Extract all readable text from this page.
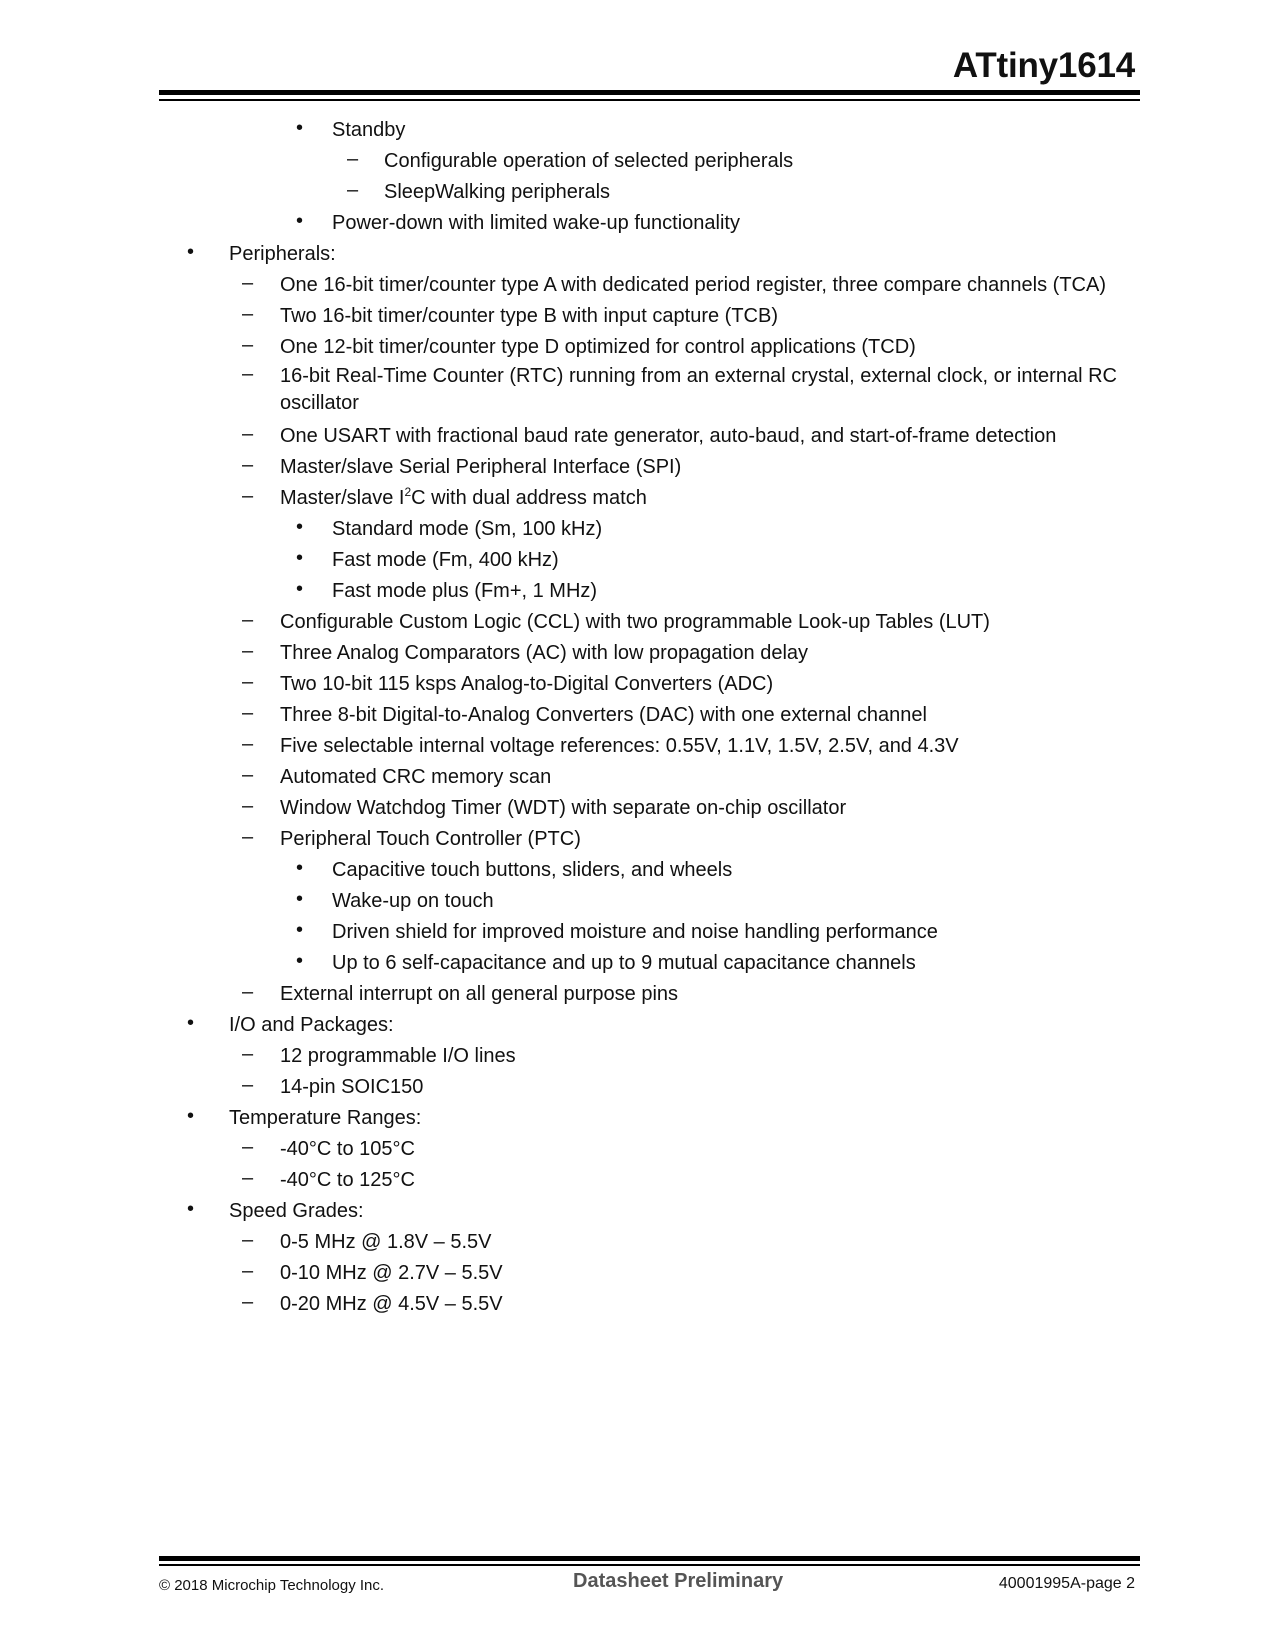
ATtiny1614
• Standby
– Configurable operation of selected peripherals
– SleepWalking peripherals
• Power-down with limited wake-up functionality
• Peripherals:
– One 16-bit timer/counter type A with dedicated period register, three compare channels (TCA)
– Two 16-bit timer/counter type B with input capture (TCB)
– One 12-bit timer/counter type D optimized for control applications (TCD)
– 16-bit Real-Time Counter (RTC) running from an external crystal, external clock, or internal RC oscillator
– One USART with fractional baud rate generator, auto-baud, and start-of-frame detection
– Master/slave Serial Peripheral Interface (SPI)
– Master/slave $I^2C$ with dual address match
• Standard mode (Sm, 100 kHz)
• Fast mode (Fm, 400 kHz)
• Fast mode plus (Fm+, 1 MHz)
– Configurable Custom Logic (CCL) with two programmable Look-up Tables (LUT)
– Three Analog Comparators (AC) with low propagation delay
– Two 10-bit 115 ksps Analog-to-Digital Converters (ADC)
– Three 8-bit Digital-to-Analog Converters (DAC) with one external channel
– Five selectable internal voltage references: 0.55V, 1.1V, 1.5V, 2.5V, and 4.3V
– Automated CRC memory scan
– Window Watchdog Timer (WDT) with separate on-chip oscillator
– Peripheral Touch Controller (PTC)
• Capacitive touch buttons, sliders, and wheels
• Wake-up on touch
• Driven shield for improved moisture and noise handling performance
• Up to 6 self-capacitance and up to 9 mutual capacitance channels
– External interrupt on all general purpose pins
• I/O and Packages:
– 12 programmable I/O lines
– 14-pin SOIC150
• Temperature Ranges:
– -40°C to 105°C
– -40°C to 125°C
• Speed Grades:
– 0-5 MHz @ 1.8V – 5.5V
– 0-10 MHz @ 2.7V – 5.5V
– 0-20 MHz @ 4.5V – 5.5V
© 2018 Microchip Technology Inc.	Datasheet Preliminary	40001995A-page 2
